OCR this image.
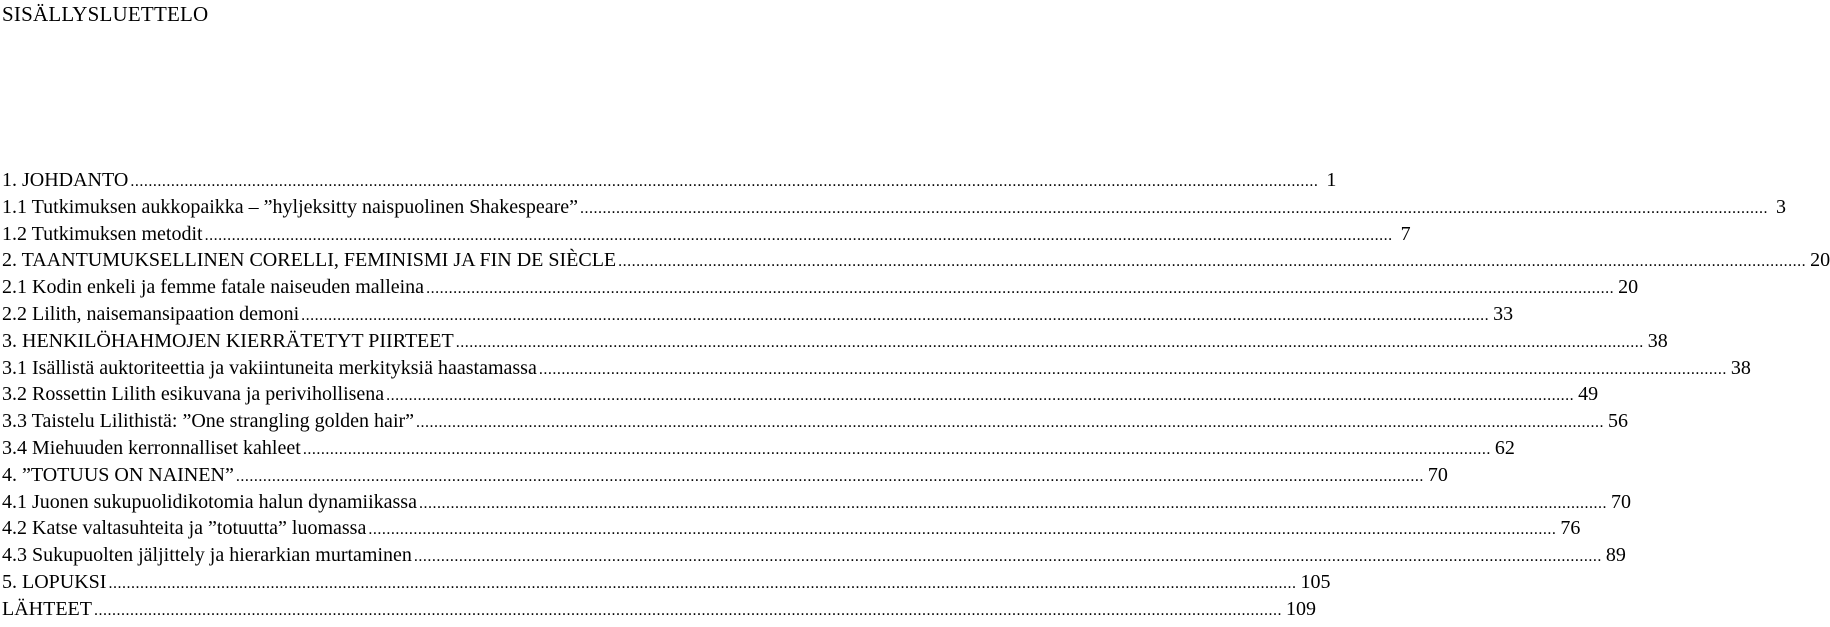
SISÄLLYSLUETTELO
1. JOHDANTO .....	1
1.1 Tutkimuksen aukkopaikka – ”hyljeksitty naispuolinen Shakespeare” .....	3
1.2 Tutkimuksen metodit .....	7
2. TAANTUMUKSELLINEN CORELLI, FEMINISMI JA FIN DE SIÈCLE .....	20
2.1 Kodin enkeli ja femme fatale naiseuden malleina .....	20
2.2 Lilith, naisemansipaation demoni .....	33
3. HENKILÖHAHMOJEN KIERRÄTETYT PIIRTEET .....	38
3.1 Isällistä auktoriteettia ja vakiintuneita merkityksiä haastamassa .....	38
3.2 Rossettin Lilith esikuvana ja perivihollisena .....	49
3.3 Taistelu Lilithistä: ”One strangling golden hair” .....	56
3.4 Miehuuden kerronnalliset kahleet .....	62
4. ”TOTUUS ON NAINEN” .....	70
4.1 Juonen sukupuolidikotomia halun dynamiikassa .....	70
4.2 Katse valtasuhteita ja ”totuutta” luomassa .....	76
4.3 Sukupuolten jäljittely ja hierarkian murtaminen .....	89
5. LOPUKSI .....	105
LÄHTEET .....	109
